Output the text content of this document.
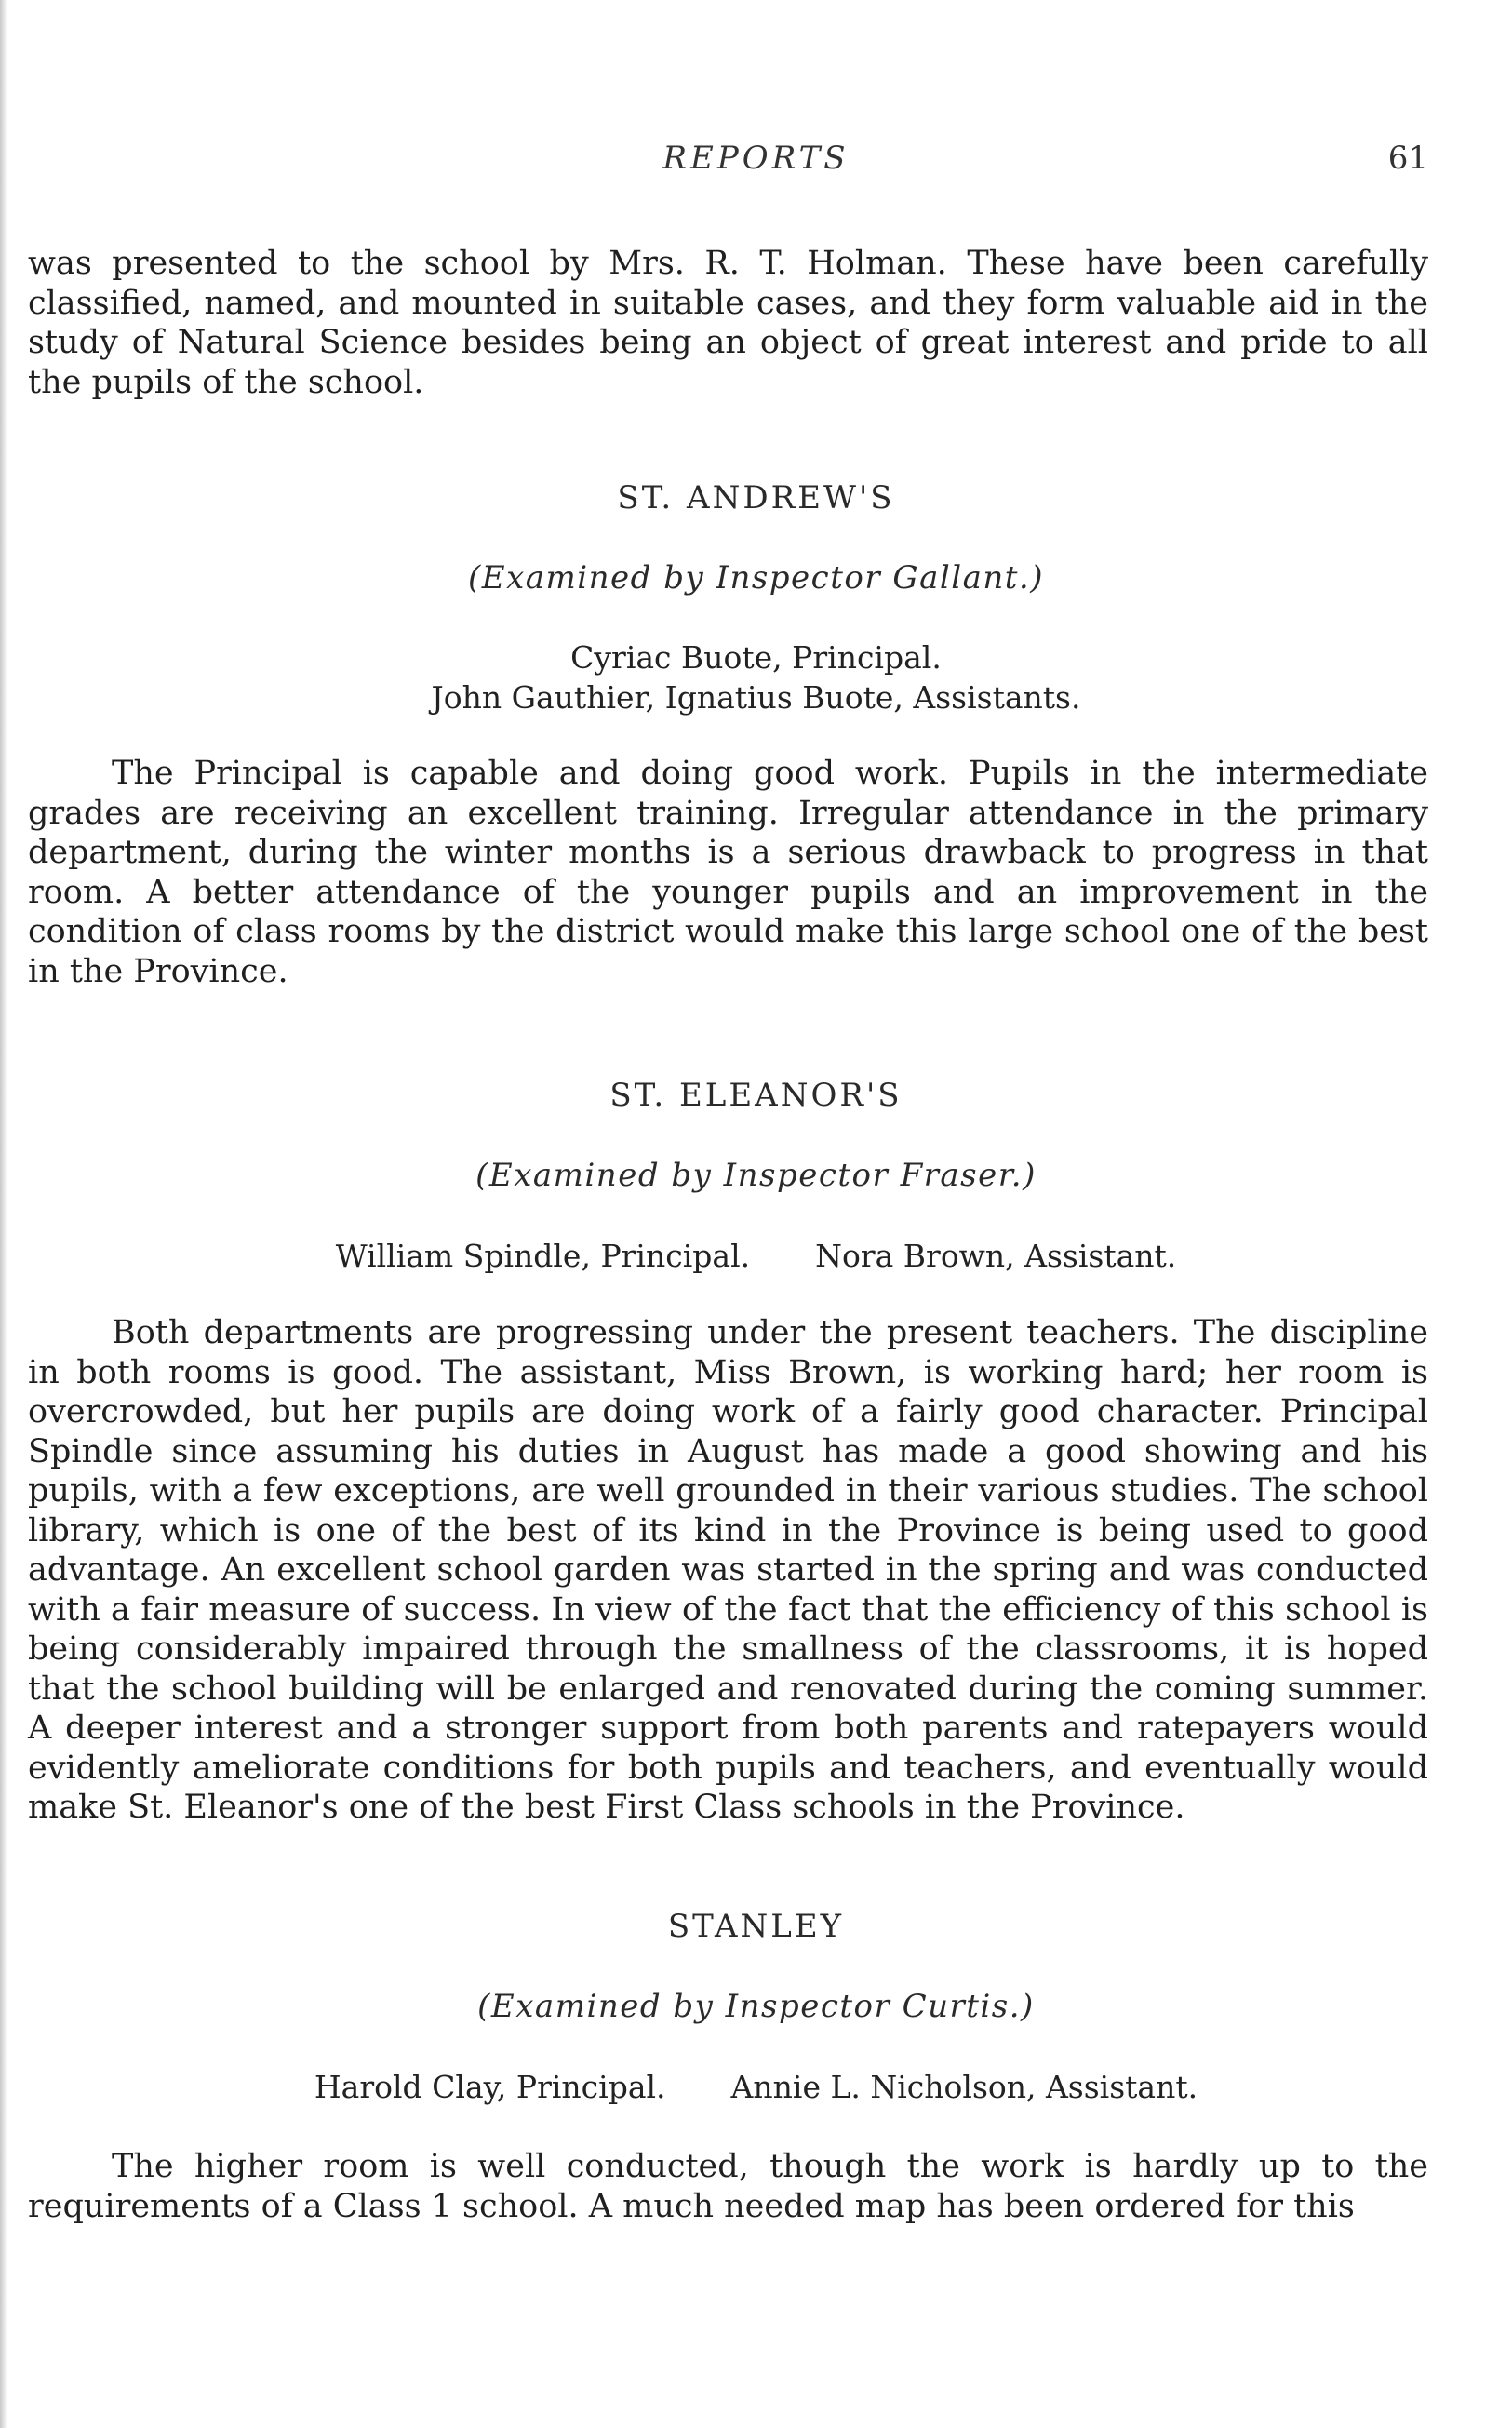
REPORTS	61

was presented to the school by Mrs. R. T. Holman. These have been carefully classified, named, and mounted in suitable cases, and they form valuable aid in the study of Natural Science besides being an object of great interest and pride to all the pupils of the school.

ST. ANDREW'S
(Examined by Inspector Gallant.)
Cyriac Buote, Principal.
John Gauthier, Ignatius Buote, Assistants.

The Principal is capable and doing good work. Pupils in the intermediate grades are receiving an excellent training. Irregular attendance in the primary department, during the winter months is a serious drawback to progress in that room. A better attendance of the younger pupils and an improvement in the condition of class rooms by the district would make this large school one of the best in the Province.

ST. ELEANOR'S
(Examined by Inspector Fraser.)
William Spindle, Principal. Nora Brown, Assistant.

Both departments are progressing under the present teachers. The discipline in both rooms is good. The assistant, Miss Brown, is working hard; her room is overcrowded, but her pupils are doing work of a fairly good character. Principal Spindle since assuming his duties in August has made a good showing and his pupils, with a few exceptions, are well grounded in their various studies. The school library, which is one of the best of its kind in the Province is being used to good advantage. An excellent school garden was started in the spring and was conducted with a fair measure of success. In view of the fact that the efficiency of this school is being considerably impaired through the smallness of the classrooms, it is hoped that the school building will be enlarged and renovated during the coming summer. A deeper interest and a stronger support from both parents and ratepayers would evidently ameliorate conditions for both pupils and teachers, and eventually would make St. Eleanor's one of the best First Class schools in the Province.

STANLEY
(Examined by Inspector Curtis.)
Harold Clay, Principal. Annie L. Nicholson, Assistant.

The higher room is well conducted, though the work is hardly up to the requirements of a Class 1 school. A much needed map has been ordered for this
